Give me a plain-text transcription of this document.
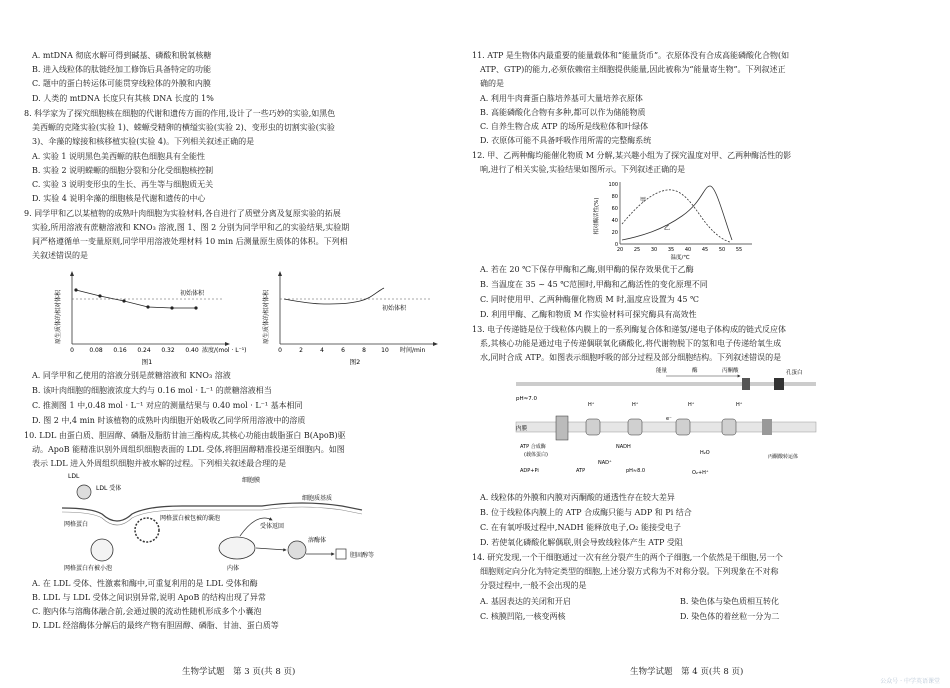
A. mtDNA 彻底水解可得到碱基、磷酸和脱氧核糖
B. 进入线粒体的肽链经加工修饰后具备特定的功能
C. 题中的蛋白转运体可能贯穿线粒体的外膜和内膜
D. 人类的 mtDNA 长度只有其核 DNA 长度的 1%
8. 科学家为了探究细胞核在细胞的代谢和遗传方面的作用,设计了一些巧妙的实验,如黑色
美西螈的克隆实验(实验 1)、蝾螈受精卵的横缢实验(实验 2)、变形虫的切割实验(实验
3)、伞藻的嫁接和核移植实验(实验 4)。下列相关叙述正确的是
A. 实验 1 说明黑色美西螈的肤色细胞具有全能性
B. 实验 2 说明蝾螈的细胞分裂和分化受细胞核控制
C. 实验 3 说明变形虫的生长、再生等与细胞质无关
D. 实验 4 说明伞藻的细胞核是代谢和遗传的中心
9. 同学甲和乙以某植物的成熟叶肉细胞为实验材料,各自进行了质壁分离及复原实验的拓展
实验,所用溶液有蔗糖溶液和 KNO₃ 溶液,图 1、图 2 分别为同学甲和乙的实验结果,实验期
间严格遵循单一变量原则,同学甲用溶液处理材料 10 min 后测量原生质体的体积。下列相
关叙述错误的是
原生质体的相对体积	初始体积
0	0.08 0.16 0.24 0.32 0.40 浓度/(mol · L⁻¹)
图1
原生质体的相对体积	初始体积
0	2	4	6	8	10 时间/min
图2
A. 同学甲和乙使用的溶液分别是蔗糖溶液和 KNO₃ 溶液
B. 该叶肉细胞的细胞液浓度大约与 0.16 mol · L⁻¹ 的蔗糖溶液相当
C. 推测图 1 中,0.48 mol · L⁻¹ 对应的测量结果与 0.40 mol · L⁻¹ 基本相同
D. 图 2 中,4 min 时该植物的成熟叶肉细胞开始吸收乙同学所用溶液中的溶质
10. LDL 由蛋白质、胆固醇、磷脂及脂肪甘油三酯构成,其核心功能由载脂蛋白 B(ApoB)驱
动。ApoB 能精准识别外周组织细胞表面的 LDL 受体,将胆固醇精准投递至细胞内。如图
表示 LDL 进入外周组织细胞并被水解的过程。下列相关叙述最合理的是
LDL
LDL 受体
细胞膜
细胞质基质
网格蛋白
网格蛋白被包被的囊泡
网格蛋白有被小泡	内体
受体返回
溶酶体
胆固醇等
A. 在 LDL 受体、性激素和酶中,可重复利用的是 LDL 受体和酶
B. LDL 与 LDL 受体之间识别异常,说明 ApoB 的结构出现了异常
C. 胞内体与溶酶体融合前,会通过膜的流动性随机形成多个小囊泡
D. LDL 经溶酶体分解后的最终产物有胆固醇、磷脂、甘油、蛋白质等
生物学试题　第 3 页(共 8 页)
11. ATP 是生物体内最重要的能量载体和“能量货币”。衣原体没有合成高能磷酸化合物(如
ATP、GTP)的能力,必须依赖宿主细胞提供能量,因此被称为“能量寄生物”。下列叙述正
确的是
A. 利用牛肉膏蛋白胨培养基可大量培养衣原体
B. 高能磷酸化合物有多种,都可以作为储能物质
C. 自养生物合成 ATP 的场所是线粒体和叶绿体
D. 衣原体可能不具备呼吸作用所需的完整酶系统
12. 甲、乙两种酶均能催化物质 M 分解,某兴趣小组为了探究温度对甲、乙两种酶活性的影
响,进行了相关实验,实验结果如图所示。下列叙述正确的是
相对酶活性(%)
0
20
40
60
80
100
20 25 30 35 40 45 50 55
温度/℃
甲
乙
A. 若在 20 ℃下保存甲酶和乙酶,则甲酶的保存效果优于乙酶
B. 当温度在 35 ~ 45 ℃范围时,甲酶和乙酶活性的变化原理不同
C. 同时使用甲、乙两种酶催化物质 M 时,温度应设置为 45 ℃
D. 利用甲酶、乙酶和物质 M 作实验材料可探究酶具有高效性
13. 电子传递链是位于线粒体内膜上的一系列酶复合体和递氢/递电子体构成的链式反应体
系,其核心功能是通过电子传递偶联氧化磷酸化,将代谢物脱下的氢和电子传递给氧生成
水,同时合成 ATP。如图表示细胞呼吸的部分过程及部分细胞结构。下列叙述错误的是
能量	酶	丙酮酸	孔蛋白
pH≈7.0
内膜
H⁺	H⁺	H⁺	H⁺
e⁻
ATP 合成酶
(载体蛋白)
NADH
NAD⁺
H₂O
ADP+Pi	ATP	pH≈8.0	O₂+H⁺
丙酮酸转运体
A. 线粒体的外膜和内膜对丙酮酸的通透性存在较大差异
B. 位于线粒体内膜上的 ATP 合成酶只能与 ADP 和 Pi 结合
C. 在有氧呼吸过程中,NADH 能释放电子,O₂ 能接受电子
D. 若使氧化磷酸化解偶联,则会导致线粒体产生 ATP 受阻
14. 研究发现,一个干细胞通过一次有丝分裂产生的两个子细胞,一个依然是干细胞,另一个
细胞则定向分化为特定类型的细胞,上述分裂方式称为不对称分裂。下列现象在不对称
分裂过程中,一般不会出现的是
A. 基因表达的关闭和开启	B. 染色体与染色质相互转化
C. 核膜凹陷,一核变两核	D. 染色体的着丝粒一分为二
生物学试题　第 4 页(共 8 页)
公众号 · 中学英语课堂
